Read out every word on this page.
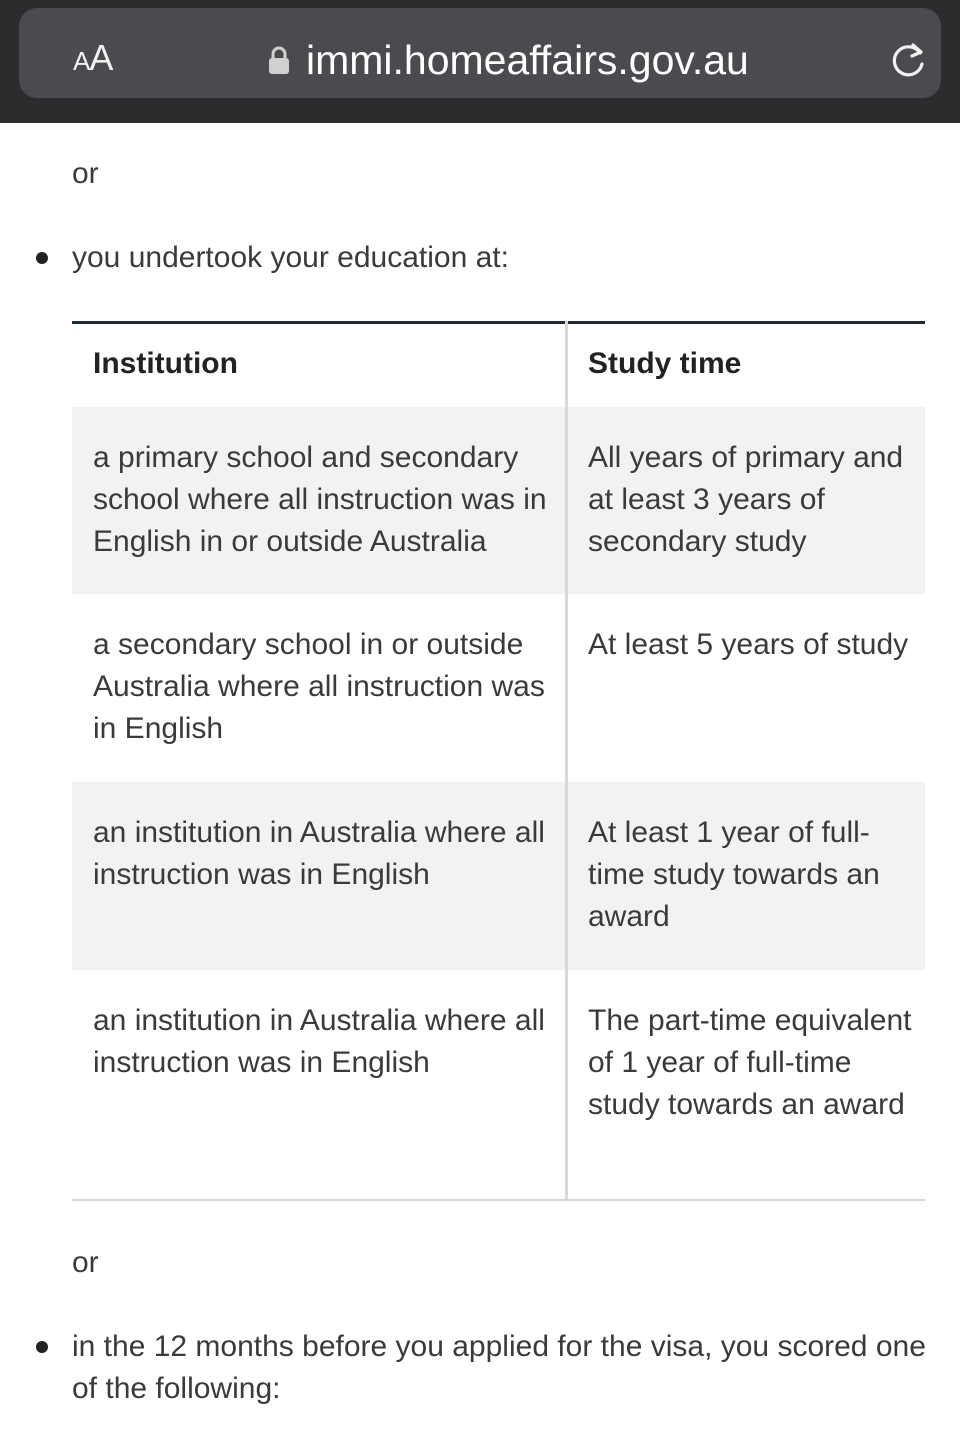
AA	immi.homeaffairs.gov.au
or
you undertook your education at:
Institution	Study time
a primary school and secondary school where all instruction was in English in or outside Australia
All years of primary and at least 3 years of secondary study
a secondary school in or outside Australia where all instruction was in English
At least 5 years of study
an institution in Australia where all instruction was in English
At least 1 year of full-time study towards an award
an institution in Australia where all instruction was in English
The part-time equivalent of 1 year of full-time study towards an award
or
in the 12 months before you applied for the visa, you scored one of the following:
